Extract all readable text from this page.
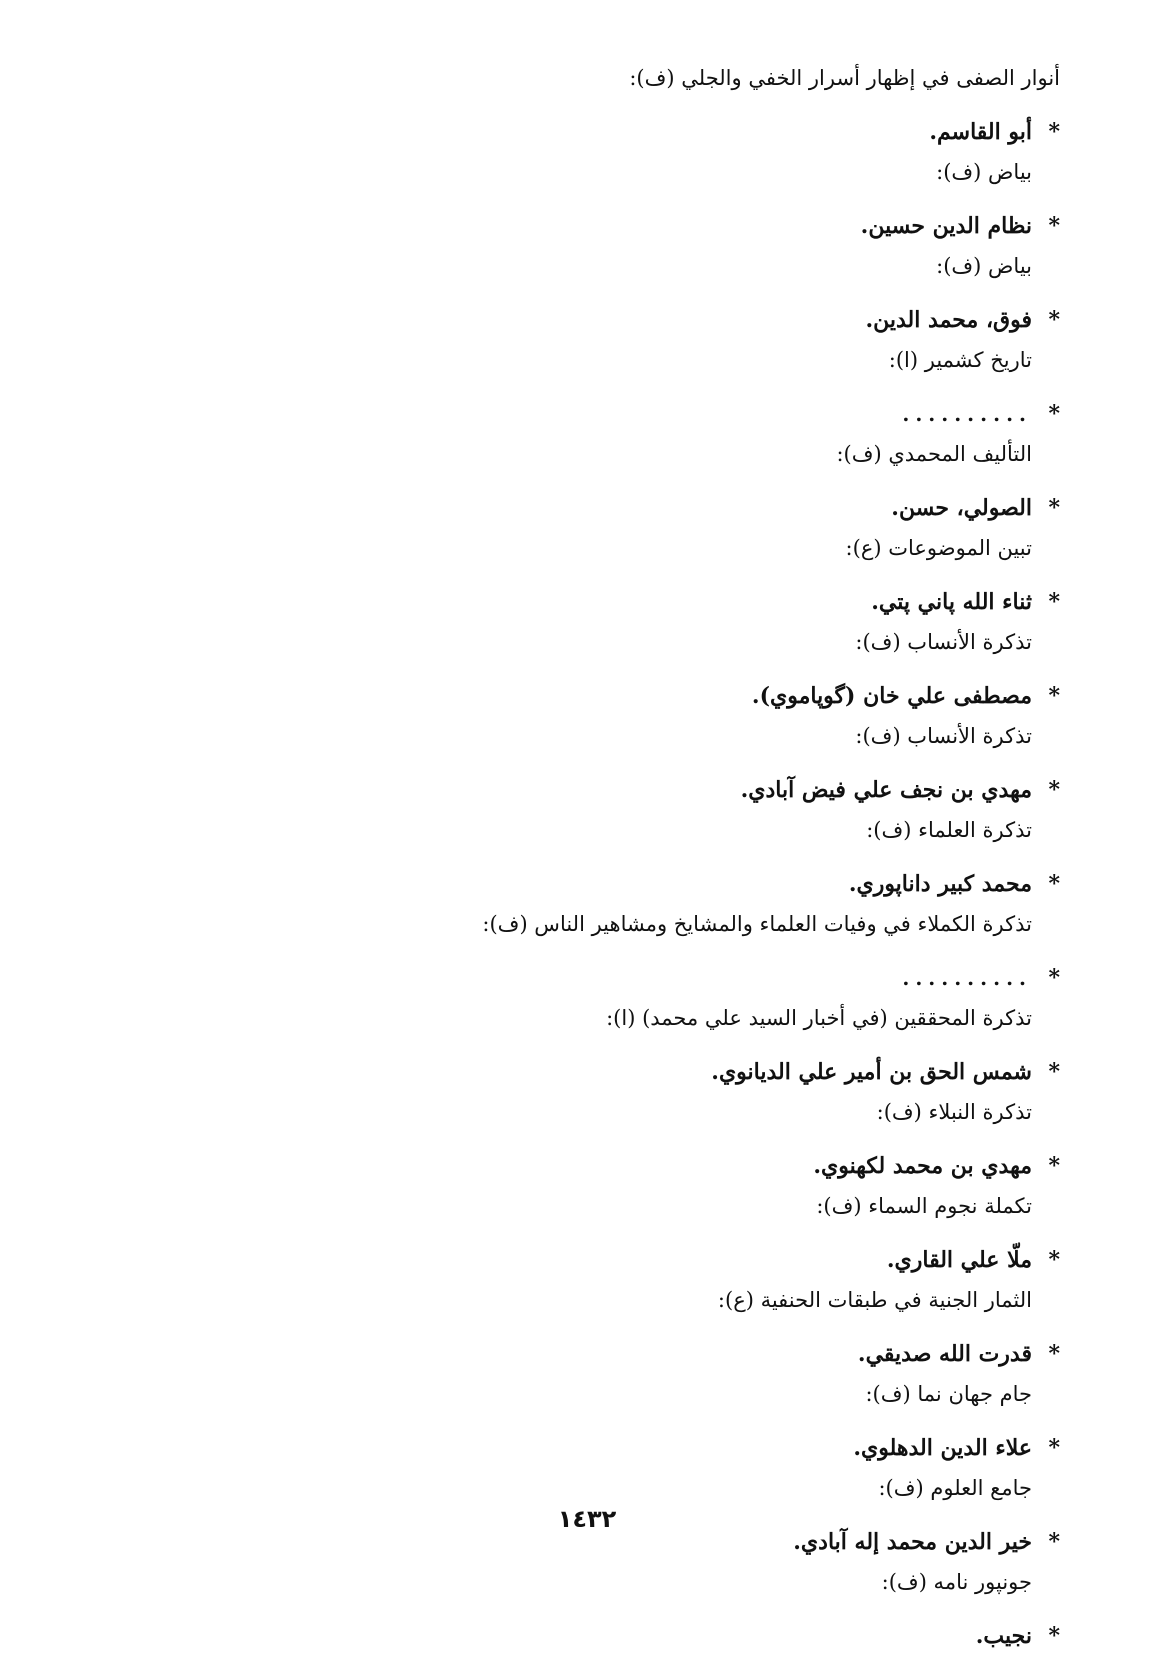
أنوار الصفى في إظهار أسرار الخفي والجلي (ف):
*
أبو القاسم.
بياض (ف):
*
نظام الدين حسين.
بياض (ف):
*
فوق، محمد الدين.
تاريخ كشمير (ا):
*
..........
التأليف المحمدي (ف):
*
الصولي، حسن.
تبين الموضوعات (ع):
*
ثناء الله پاني پتي.
تذكرة الأنساب (ف):
*
مصطفى علي خان (گوپاموي).
تذكرة الأنساب (ف):
*
مهدي بن نجف علي فيض آبادي.
تذكرة العلماء (ف):
*
محمد كبير داناپوري.
تذكرة الكملاء في وفيات العلماء والمشايخ ومشاهير الناس (ف):
*
..........
تذكرة المحققين (في أخبار السيد علي محمد) (ا):
*
شمس الحق بن أمير علي الديانوي.
تذكرة النبلاء (ف):
*
مهدي بن محمد لكهنوي.
تكملة نجوم السماء (ف):
*
ملّا علي القاري.
الثمار الجنية في طبقات الحنفية (ع):
*
قدرت الله صديقي.
جام جهان نما (ف):
*
علاء الدين الدهلوي.
جامع العلوم (ف):
*
خير الدين محمد إله آبادي.
جونپور نامه (ف):
*
نجيب.
١٤٣٢
